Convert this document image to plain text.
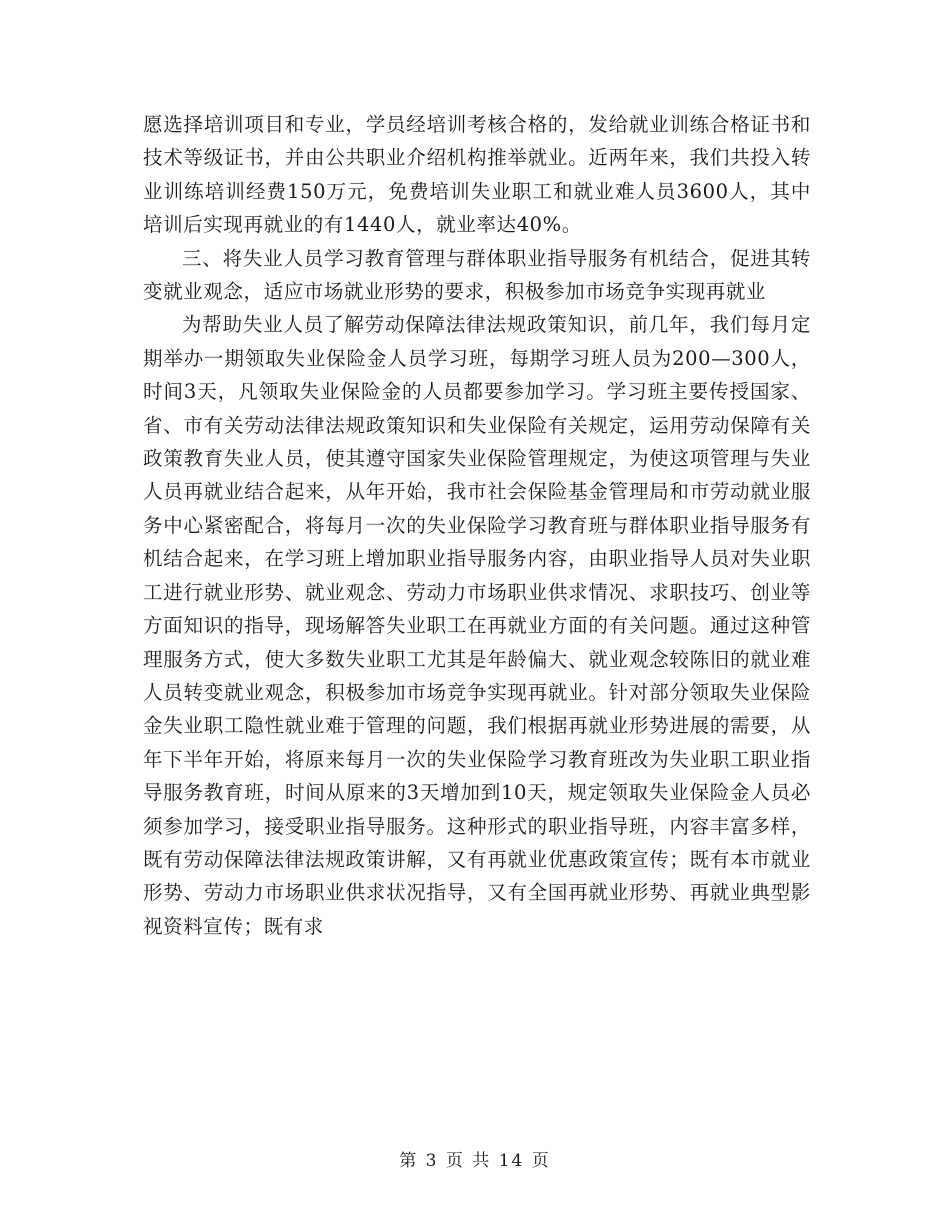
愿选择培训项目和专业，学员经培训考核合格的，发给就业训练合格证书和技术等级证书，并由公共职业介绍机构推举就业。近两年来，我们共投入转业训练培训经费150万元，免费培训失业职工和就业难人员3600人，其中培训后实现再就业的有1440人，就业率达40%。

三、将失业人员学习教育管理与群体职业指导服务有机结合，促进其转变就业观念，适应市场就业形势的要求，积极参加市场竞争实现再就业

为帮助失业人员了解劳动保障法律法规政策知识，前几年，我们每月定期举办一期领取失业保险金人员学习班，每期学习班人员为200—300人，时间3天，凡领取失业保险金的人员都要参加学习。学习班主要传授国家、省、市有关劳动法律法规政策知识和失业保险有关规定，运用劳动保障有关政策教育失业人员，使其遵守国家失业保险管理规定，为使这项管理与失业人员再就业结合起来，从年开始，我市社会保险基金管理局和市劳动就业服务中心紧密配合，将每月一次的失业保险学习教育班与群体职业指导服务有机结合起来，在学习班上增加职业指导服务内容，由职业指导人员对失业职工进行就业形势、就业观念、劳动力市场职业供求情况、求职技巧、创业等方面知识的指导，现场解答失业职工在再就业方面的有关问题。通过这种管理服务方式，使大多数失业职工尤其是年龄偏大、就业观念较陈旧的就业难人员转变就业观念，积极参加市场竞争实现再就业。针对部分领取失业保险金失业职工隐性就业难于管理的问题，我们根据再就业形势进展的需要，从年下半年开始，将原来每月一次的失业保险学习教育班改为失业职工职业指导服务教育班，时间从原来的3天增加到10天，规定领取失业保险金人员必须参加学习，接受职业指导服务。这种形式的职业指导班，内容丰富多样，既有劳动保障法律法规政策讲解，又有再就业优惠政策宣传；既有本市就业形势、劳动力市场职业供求状况指导，又有全国再就业形势、再就业典型影视资料宣传；既有求

第 3 页 共 14 页
